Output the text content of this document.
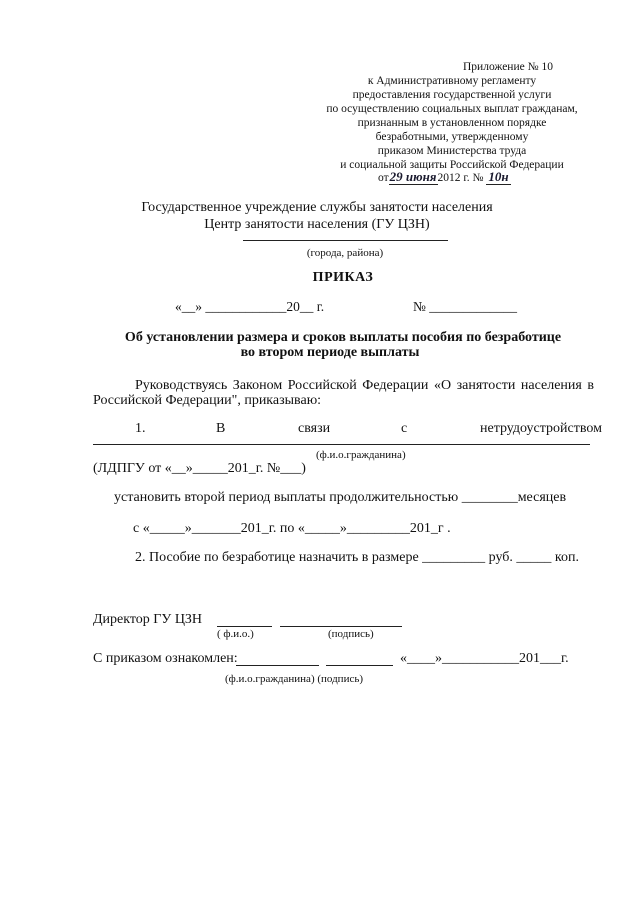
Приложение № 10
к Административному регламенту
предоставления государственной услуги
по осуществлению социальных выплат гражданам,
признанным в установленном порядке
безработными, утвержденному
приказом Министерства труда
и социальной защиты Российской Федерации
от29 июня2012 г. № 10н
Государственное учреждение службы занятости населения
Центр занятости населения (ГУ ЦЗН)
(города, района)
ПРИКАЗ
«__» ____________20__ г.	№ _____________
Об установлении размера и сроков выплаты пособия по безработице
во втором периоде выплаты
Руководствуясь Законом Российской Федерации «О занятости населения в
Российской Федерации", приказываю:
1.	В	связи	с	нетрудоустройством
(ф.и.о.гражданина)
(ЛДПГУ от «__»_____201_г. №___)
установить второй период выплаты продолжительностью ________месяцев
с «_____»_______201_г. по «_____»_________201_г .
2. Пособие по безработице назначить в размере _________ руб. _____ коп.
Директор ГУ ЦЗН
( ф.и.о.)	(подпись)
С приказом ознакомлен:	«____»___________201___г.
(ф.и.о.гражданина) (подпись)
